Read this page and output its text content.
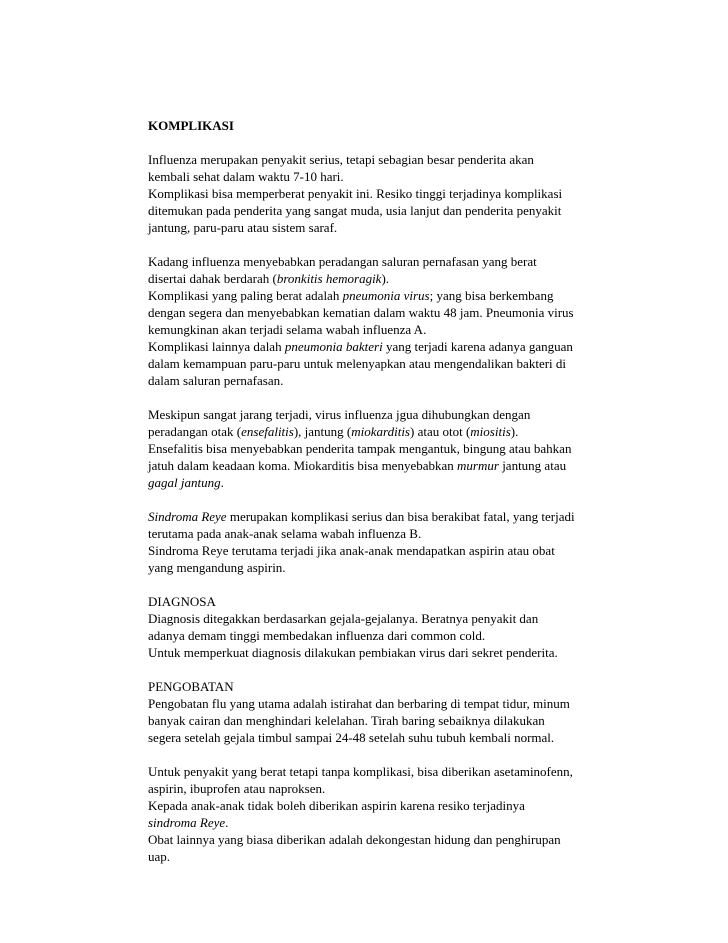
KOMPLIKASI
Influenza merupakan penyakit serius, tetapi sebagian besar penderita akan
kembali sehat dalam waktu 7-10 hari.
Komplikasi bisa memperberat penyakit ini. Resiko tinggi terjadinya komplikasi
ditemukan pada penderita yang sangat muda, usia lanjut dan penderita penyakit
jantung, paru-paru atau sistem saraf.
Kadang influenza menyebabkan peradangan saluran pernafasan yang berat
disertai dahak berdarah (bronkitis hemoragik).
Komplikasi yang paling berat adalah pneumonia virus; yang bisa berkembang
dengan segera dan menyebabkan kematian dalam waktu 48 jam. Pneumonia virus
kemungkinan akan terjadi selama wabah influenza A.
Komplikasi lainnya dalah pneumonia bakteri yang terjadi karena adanya ganguan
dalam kemampuan paru-paru untuk melenyapkan atau mengendalikan bakteri di
dalam saluran pernafasan.
Meskipun sangat jarang terjadi, virus influenza jgua dihubungkan dengan
peradangan otak (ensefalitis), jantung (miokarditis) atau otot (miositis).
Ensefalitis bisa menyebabkan penderita tampak mengantuk, bingung atau bahkan
jatuh dalam keadaan koma. Miokarditis bisa menyebabkan murmur jantung atau
gagal jantung.
Sindroma Reye merupakan komplikasi serius dan bisa berakibat fatal, yang terjadi
terutama pada anak-anak selama wabah influenza B.
Sindroma Reye terutama terjadi jika anak-anak mendapatkan aspirin atau obat
yang mengandung aspirin.
DIAGNOSA
Diagnosis ditegakkan berdasarkan gejala-gejalanya. Beratnya penyakit dan
adanya demam tinggi membedakan influenza dari common cold.
Untuk memperkuat diagnosis dilakukan pembiakan virus dari sekret penderita.
PENGOBATAN
Pengobatan flu yang utama adalah istirahat dan berbaring di tempat tidur, minum
banyak cairan dan menghindari kelelahan. Tirah baring sebaiknya dilakukan
segera setelah gejala timbul sampai 24-48 setelah suhu tubuh kembali normal.
Untuk penyakit yang berat tetapi tanpa komplikasi, bisa diberikan asetaminofenn,
aspirin, ibuprofen atau naproksen.
Kepada anak-anak tidak boleh diberikan aspirin karena resiko terjadinya
sindroma Reye.
Obat lainnya yang biasa diberikan adalah dekongestan hidung dan penghirupan
uap.
